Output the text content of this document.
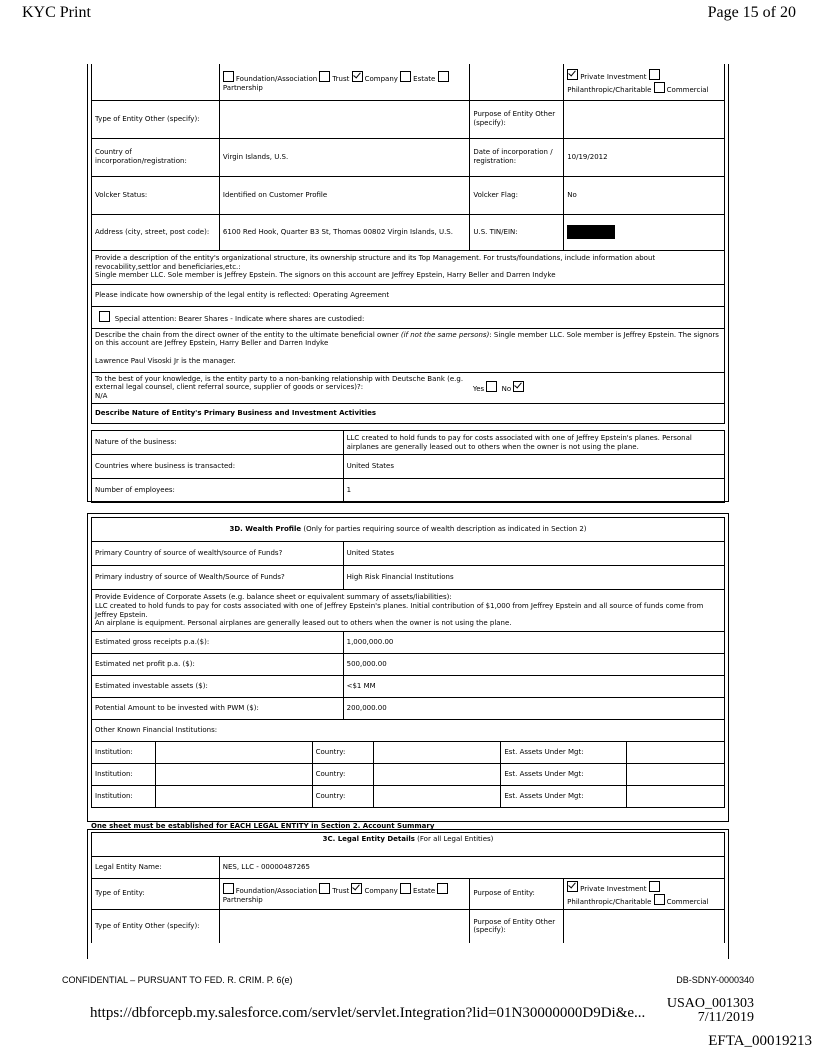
KYC Print	Page 15 of 20
	Foundation/Association Trust Company Estate
Partnership		Private Investment
Philanthropic/Charitable Commercial
Type of Entity Other (specify):		Purpose of Entity Other (specify):	
Country of incorporation/registration:	Virgin Islands, U.S.	Date of incorporation / registration:	10/19/2012
Volcker Status:	Identified on Customer Profile	Volcker Flag:	No
Address (city, street, post code):	6100 Red Hook, Quarter B3 St, Thomas 00802 Virgin Islands, U.S.	U.S. TIN/EIN:	

Provide a description of the entity's organizational structure, its ownership structure and its Top Management. For trusts/foundations, include information about revocability,settlor and beneficiaries,etc.:
Single member LLC. Sole member is Jeffrey Epstein. The signors on this account are Jeffrey Epstein, Harry Beller and Darren Indyke			

Please indicate how ownership of the legal entity is reflected: Operating Agreement			
Special attention: Bearer Shares - Indicate where shares are custodied:			

Describe the chain from the direct owner of the entity to the ultimate beneficial owner (if not the same persons): Single member LLC. Sole member is Jeffrey Epstein. The signors on this account are Jeffrey Epstein, Harry Beller and Darren Indyke
Lawrence Paul Visoski Jr is the manager.			

To the best of your knowledge, is the entity party to a non-banking relationship with Deutsche Bank (e.g. external legal counsel, client referral source, supplier of goods or services)?:
N/A		Yes No	
Describe Nature of Entity's Primary Business and Investment Activities			
Nature of the business:	LLC created to hold funds to pay for costs associated with one of Jeffrey Epstein's planes. Personal airplanes are generally leased out to others when the owner is not using the plane.
Countries where business is transacted:	United States
Number of employees:	1
3D. Wealth Profile (Only for parties requiring source of wealth description as indicated in Section 2)						
Primary Country of source of wealth/source of Funds?			United States			
Primary industry of source of Wealth/Source of Funds?			High Risk Financial Institutions			

Provide Evidence of Corporate Assets (e.g. balance sheet or equivalent summary of assets/liabilities):
LLC created to hold funds to pay for costs associated with one of Jeffrey Epstein's planes. Initial contribution of $1,000 from Jeffrey Epstein and all source of funds come from Jeffrey Epstein.
An airplane is equipment. Personal airplanes are generally leased out to others when the owner is not using the plane.						

Estimated gross receipts p.a.($):			1,000,000.00			
Estimated net profit p.a. ($):			500,000.00			
Estimated investable assets ($):			<$1 MM			
Potential Amount to be invested with PWM ($):			200,000.00			
Other Known Financial Institutions:						
Institution:		Country:			Est. Assets Under Mgt:	
Institution:		Country:			Est. Assets Under Mgt:	
Institution:		Country:			Est. Assets Under Mgt:	
One sheet must be established for EACH LEGAL ENTITY in Section 2. Account Summary
3C. Legal Entity Details (For all Legal Entities)			
Legal Entity Name:	NES, LLC - 00000487265		
Type of Entity:	Foundation/Association Trust Company Estate
Partnership	Purpose of Entity:	Private Investment
Philanthropic/Charitable Commercial
Type of Entity Other (specify):		Purpose of Entity Other (specify):	
CONFIDENTIAL – PURSUANT TO FED. R. CRIM. P. 6(e)	DB-SDNY-0000340
https://dbforcepb.my.salesforce.com/servlet/servlet.Integration?lid=01N30000000D9Di&e...
USAO_001303
7/11/2019
EFTA_00019213
